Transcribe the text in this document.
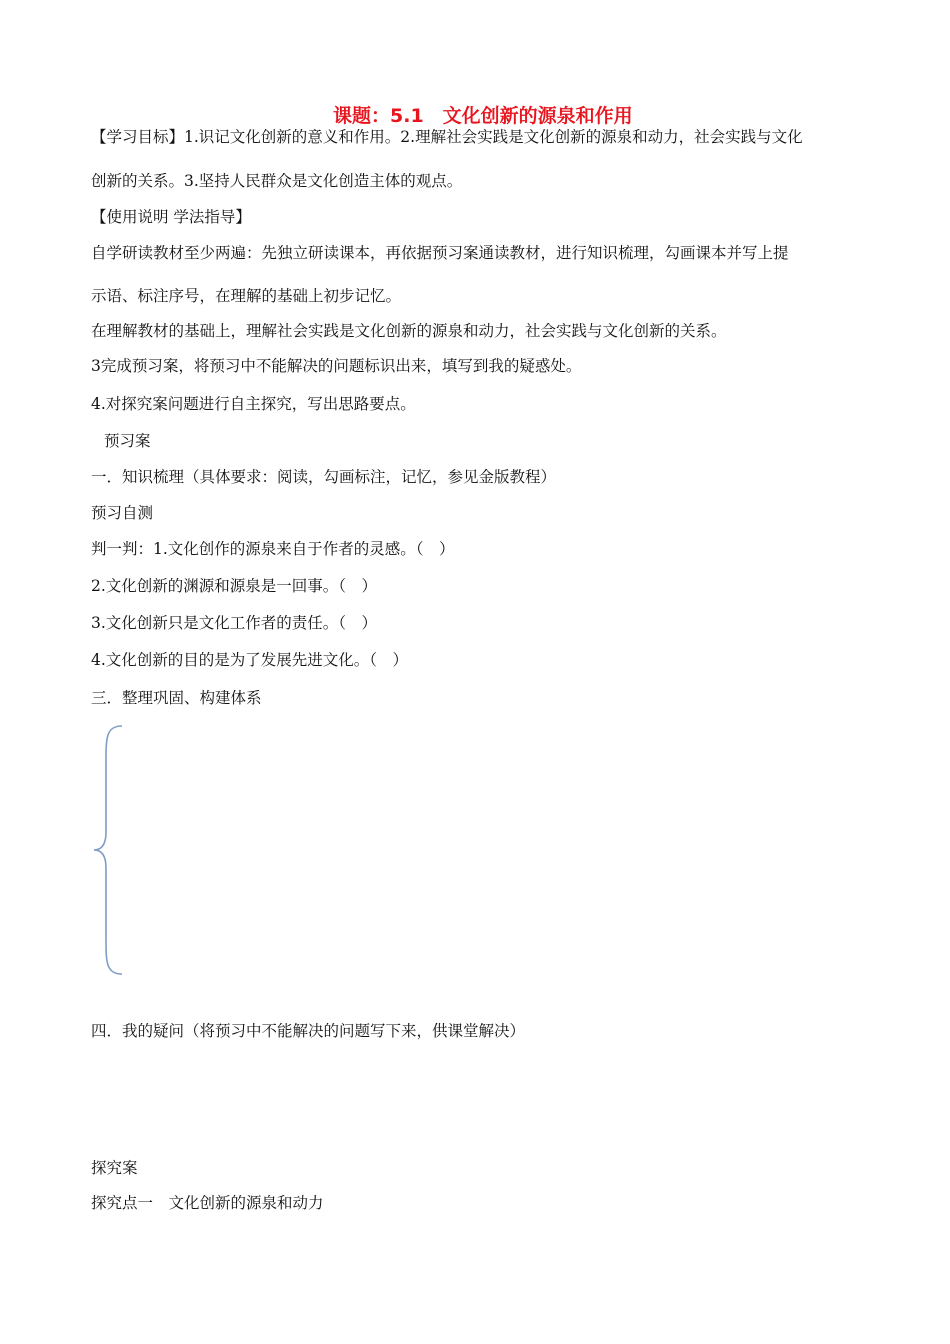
课题：5.1　文化创新的源泉和作用
【学习目标】1.识记文化创新的意义和作用。2.理解社会实践是文化创新的源泉和动力，社会实践与文化
创新的关系。3.坚持人民群众是文化创造主体的观点。
【使用说明 学法指导】
自学研读教材至少两遍：先独立研读课本，再依据预习案通读教材，进行知识梳理，勾画课本并写上提
示语、标注序号，在理解的基础上初步记忆。
在理解教材的基础上，理解社会实践是文化创新的源泉和动力，社会实践与文化创新的关系。
3完成预习案，将预习中不能解决的问题标识出来，填写到我的疑惑处。
4.对探究案问题进行自主探究，写出思路要点。
预习案
一．知识梳理（具体要求：阅读，勾画标注，记忆，参见金版教程）
预习自测
判一判：1.文化创作的源泉来自于作者的灵感。（　）
2.文化创新的渊源和源泉是一回事。（　）
3.文化创新只是文化工作者的责任。（　）
4.文化创新的目的是为了发展先进文化。（　）
三．整理巩固、构建体系
四．我的疑问（将预习中不能解决的问题写下来，供课堂解决）
探究案
探究点一　文化创新的源泉和动力
